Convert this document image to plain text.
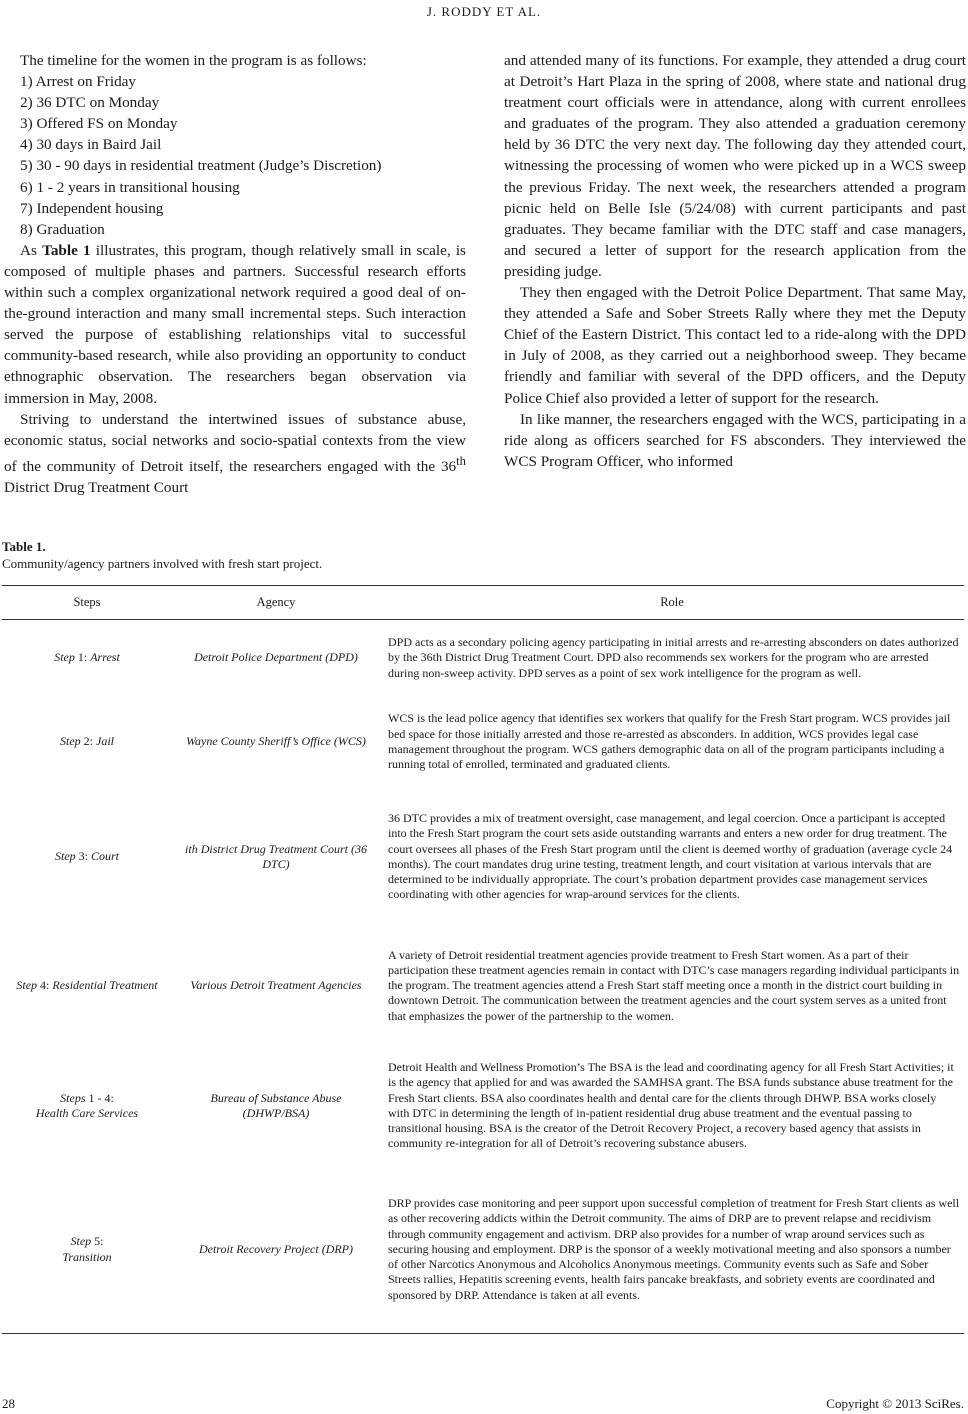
J. RODDY ET AL.

The timeline for the women in the program is as follows:

1) Arrest on Friday
2) 36 DTC on Monday
3) Offered FS on Monday
4) 30 days in Baird Jail
5) 30 - 90 days in residential treatment (Judge’s Discretion)
6) 1 - 2 years in transitional housing
7) Independent housing
8) Graduation

As Table 1 illustrates, this program, though relatively small in scale, is composed of multiple phases and partners. Successful research efforts within such a complex organizational network required a good deal of on-the-ground interaction and many small incremental steps. Such interaction served the purpose of establishing relationships vital to successful community-based research, while also providing an opportunity to conduct ethnographic observation. The researchers began observation via immersion in May, 2008.

Striving to understand the intertwined issues of substance abuse, economic status, social networks and socio-spatial contexts from the view of the community of Detroit itself, the researchers engaged with the 36th District Drug Treatment Court

and attended many of its functions. For example, they attended a drug court at Detroit’s Hart Plaza in the spring of 2008, where state and national drug treatment court officials were in attendance, along with current enrollees and graduates of the program. They also attended a graduation ceremony held by 36 DTC the very next day. The following day they attended court, witnessing the processing of women who were picked up in a WCS sweep the previous Friday. The next week, the researchers attended a program picnic held on Belle Isle (5/24/08) with current participants and past graduates. They became familiar with the DTC staff and case managers, and secured a letter of support for the research application from the presiding judge.

They then engaged with the Detroit Police Department. That same May, they attended a Safe and Sober Streets Rally where they met the Deputy Chief of the Eastern District. This contact led to a ride-along with the DPD in July of 2008, as they carried out a neighborhood sweep. They became friendly and familiar with several of the DPD officers, and the Deputy Police Chief also provided a letter of support for the research.

In like manner, the researchers engaged with the WCS, participating in a ride along as officers searched for FS absconders. They interviewed the WCS Program Officer, who informed

Table 1.
Community/agency partners involved with fresh start project.
Steps	Agency	Role
Step 1: Arrest	Detroit Police Department (DPD)	DPD acts as a secondary policing agency participating in initial arrests and re-arresting absconders on dates authorized by the 36th District Drug Treatment Court. DPD also recommends sex workers for the program who are arrested during non-sweep activity. DPD serves as a point of sex work intelligence for the program as well.
Step 2: Jail	Wayne County Sheriff’s Office (WCS)	WCS is the lead police agency that identifies sex workers that qualify for the Fresh Start program. WCS provides jail bed space for those initially arrested and those re-arrested as absconders. In addition, WCS provides legal case management throughout the program. WCS gathers demographic data on all of the program participants including a running total of enrolled, terminated and graduated clients.
Step 3: Court	ith District Drug Treatment Court (36 DTC)	36 DTC provides a mix of treatment oversight, case management, and legal coercion. Once a participant is accepted into the Fresh Start program the court sets aside outstanding warrants and enters a new order for drug treatment. The court oversees all phases of the Fresh Start program until the client is deemed worthy of graduation (average cycle 24 months). The court mandates drug urine testing, treatment length, and court visitation at various intervals that are determined to be individually appropriate. The court’s probation department provides case management services coordinating with other agencies for wrap-around services for the clients.
Step 4: Residential Treatment	Various Detroit Treatment Agencies	A variety of Detroit residential treatment agencies provide treatment to Fresh Start women. As a part of their participation these treatment agencies remain in contact with DTC’s case managers regarding individual participants in the program. The treatment agencies attend a Fresh Start staff meeting once a month in the district court building in downtown Detroit. The communication between the treatment agencies and the court system serves as a united front that emphasizes the power of the partnership to the women.
Steps 1 - 4:
Health Care Services	Bureau of Substance Abuse (DHWP/BSA)	Detroit Health and Wellness Promotion’s The BSA is the lead and coordinating agency for all Fresh Start Activities; it is the agency that applied for and was awarded the SAMHSA grant. The BSA funds substance abuse treatment for the Fresh Start clients. BSA also coordinates health and dental care for the clients through DHWP. BSA works closely with DTC in determining the length of in-patient residential drug abuse treatment and the eventual passing to transitional housing. BSA is the creator of the Detroit Recovery Project, a recovery based agency that assists in community re-integration for all of Detroit’s recovering substance abusers.
Step 5:
Transition	Detroit Recovery Project (DRP)	DRP provides case monitoring and peer support upon successful completion of treatment for Fresh Start clients as well as other recovering addicts within the Detroit community. The aims of DRP are to prevent relapse and recidivism through community engagement and activism. DRP also provides for a number of wrap around services such as securing housing and employment. DRP is the sponsor of a weekly motivational meeting and also sponsors a number of other Narcotics Anonymous and Alcoholics Anonymous meetings. Community events such as Safe and Sober Streets rallies, Hepatitis screening events, health fairs pancake breakfasts, and sobriety events are coordinated and sponsored by DRP. Attendance is taken at all events.
28	Copyright © 2013 SciRes.
